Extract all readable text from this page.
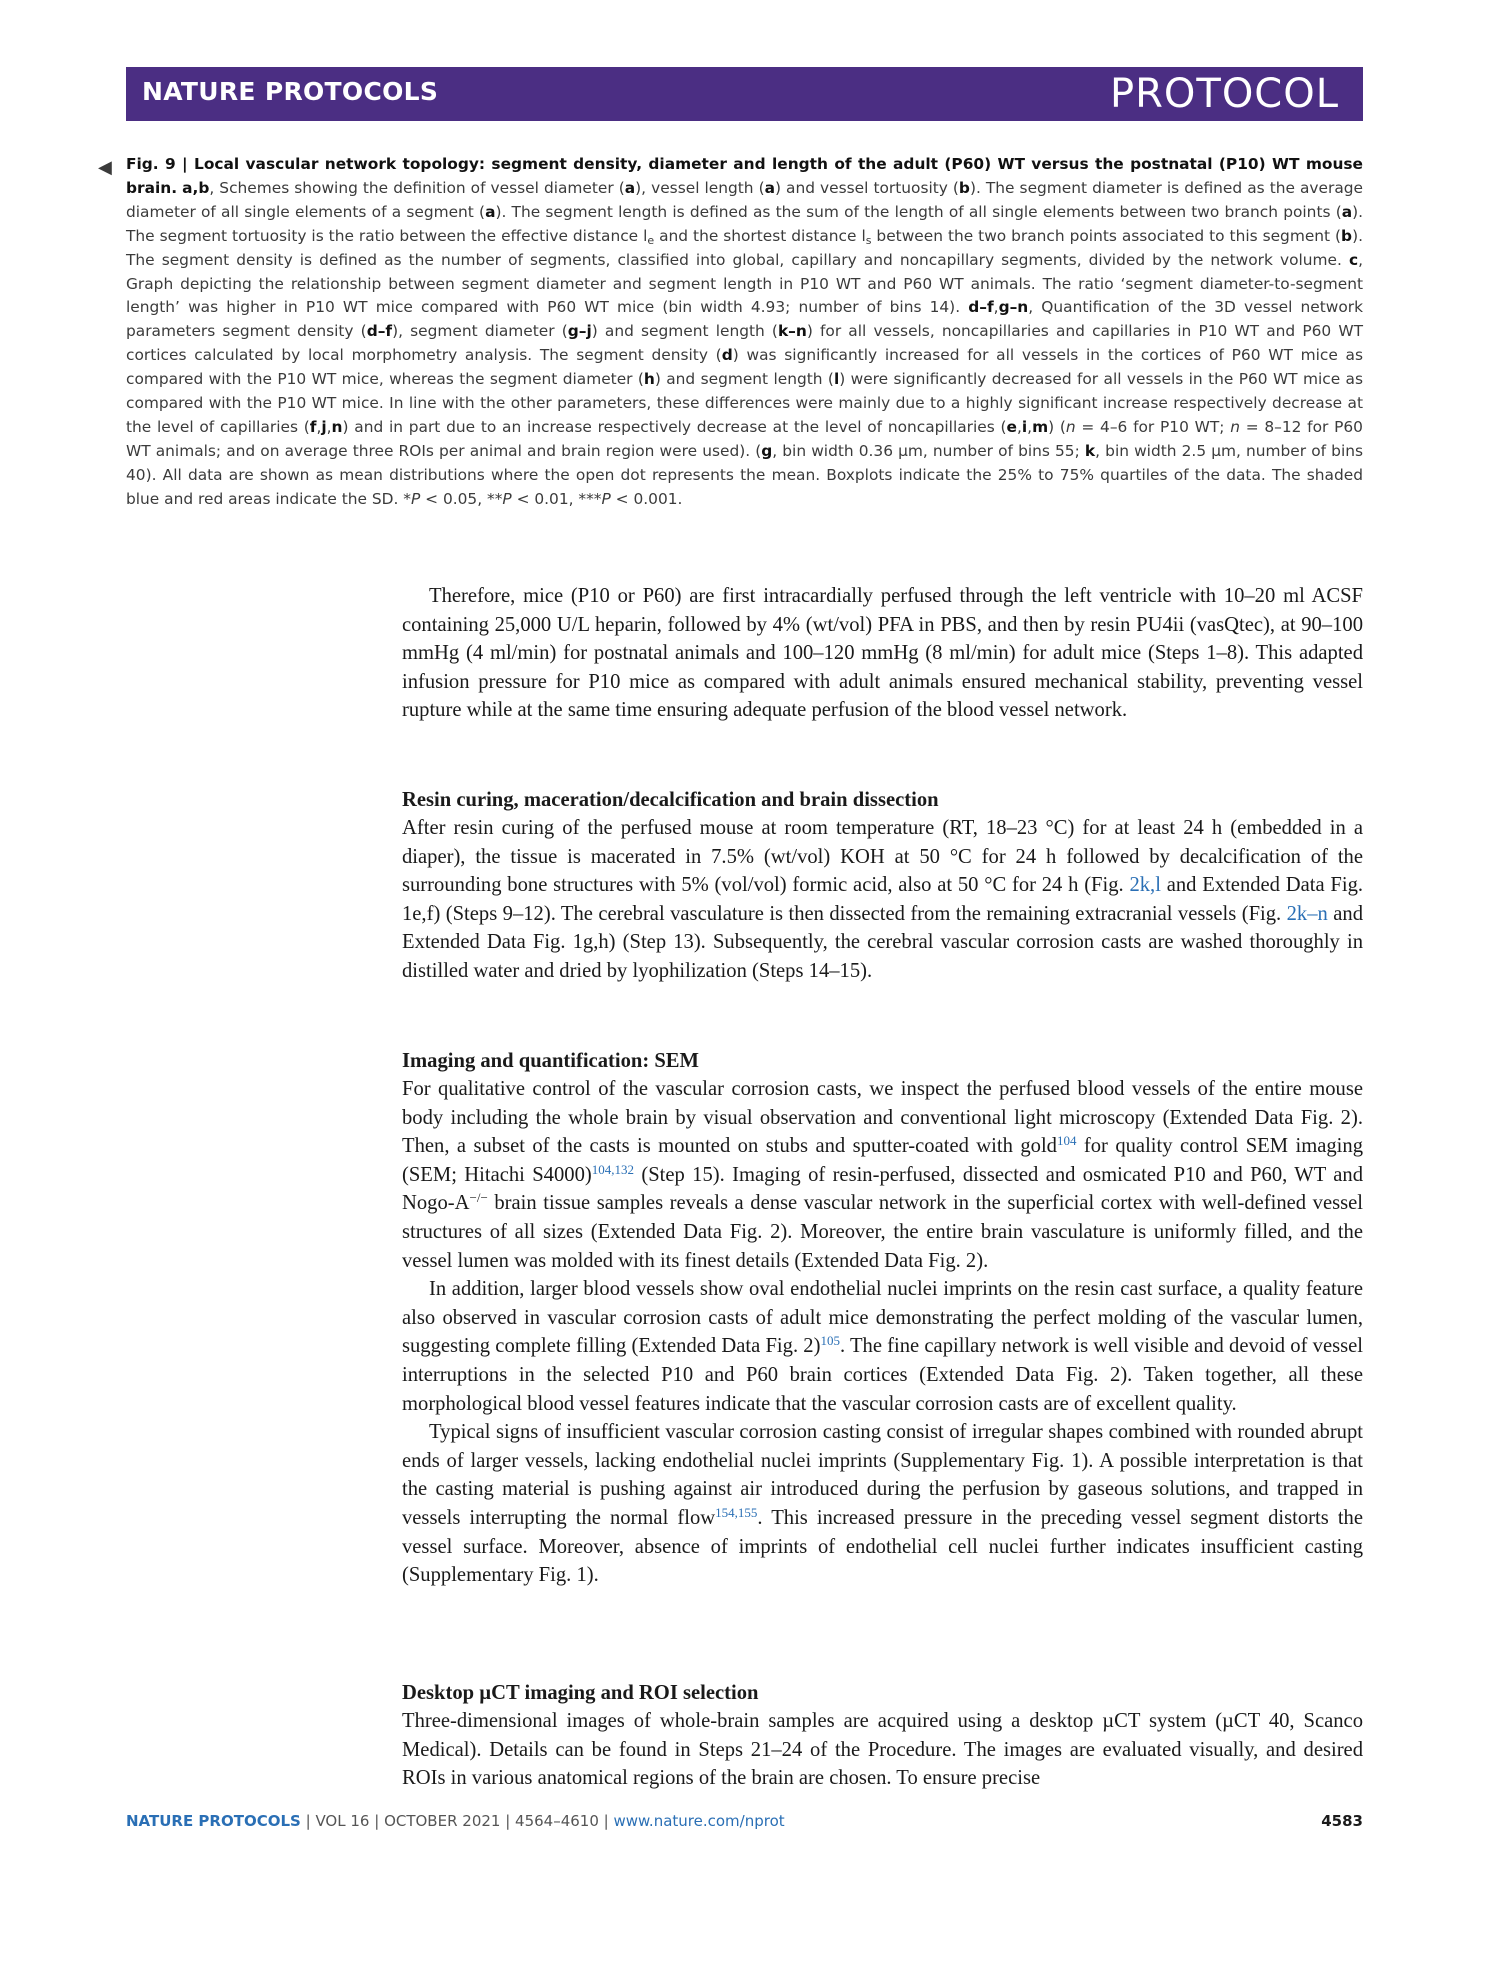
NATURE PROTOCOLS	PROTOCOL
◀ Fig. 9 | Local vascular network topology: segment density, diameter and length of the adult (P60) WT versus the postnatal (P10) WT mouse brain. a,b, Schemes showing the definition of vessel diameter (a), vessel length (a) and vessel tortuosity (b). The segment diameter is defined as the average diameter of all single elements of a segment (a). The segment length is defined as the sum of the length of all single elements between two branch points (a). The segment tortuosity is the ratio between the effective distance $l_e$ and the shortest distance $l_s$ between the two branch points associated to this segment (b). The segment density is defined as the number of segments, classified into global, capillary and noncapillary segments, divided by the network volume. c, Graph depicting the relationship between segment diameter and segment length in P10 WT and P60 WT animals. The ratio ‘segment diameter-to-segment length’ was higher in P10 WT mice compared with P60 WT mice (bin width 4.93; number of bins 14). d–f,g–n, Quantification of the 3D vessel network parameters segment density (d–f), segment diameter (g–j) and segment length (k–n) for all vessels, noncapillaries and capillaries in P10 WT and P60 WT cortices calculated by local morphometry analysis. The segment density (d) was significantly increased for all vessels in the cortices of P60 WT mice as compared with the P10 WT mice, whereas the segment diameter (h) and segment length (l) were significantly decreased for all vessels in the P60 WT mice as compared with the P10 WT mice. In line with the other parameters, these differences were mainly due to a highly significant increase respectively decrease at the level of capillaries (f,j,n) and in part due to an increase respectively decrease at the level of noncapillaries (e,i,m) (n = 4–6 for P10 WT; n = 8–12 for P60 WT animals; and on average three ROIs per animal and brain region were used). (g, bin width 0.36 µm, number of bins 55; k, bin width 2.5 µm, number of bins 40). All data are shown as mean distributions where the open dot represents the mean. Boxplots indicate the 25% to 75% quartiles of the data. The shaded blue and red areas indicate the SD. *P < 0.05, **P < 0.01, ***P < 0.001.

Therefore, mice (P10 or P60) are first intracardially perfused through the left ventricle with 10–20 ml ACSF containing 25,000 U/L heparin, followed by 4% (wt/vol) PFA in PBS, and then by resin PU4ii (vasQtec), at 90–100 mmHg (4 ml/min) for postnatal animals and 100–120 mmHg (8 ml/min) for adult mice (Steps 1–8). This adapted infusion pressure for P10 mice as compared with adult animals ensured mechanical stability, preventing vessel rupture while at the same time ensuring adequate perfusion of the blood vessel network.

Resin curing, maceration/decalcification and brain dissection

After resin curing of the perfused mouse at room temperature (RT, 18–23 °C) for at least 24 h (embedded in a diaper), the tissue is macerated in 7.5% (wt/vol) KOH at 50 °C for 24 h followed by decalcification of the surrounding bone structures with 5% (vol/vol) formic acid, also at 50 °C for 24 h (Fig. 2k,l and Extended Data Fig. 1e,f) (Steps 9–12). The cerebral vasculature is then dissected from the remaining extracranial vessels (Fig. 2k–n and Extended Data Fig. 1g,h) (Step 13). Subsequently, the cerebral vascular corrosion casts are washed thoroughly in distilled water and dried by lyophilization (Steps 14–15).

Imaging and quantification: SEM

For qualitative control of the vascular corrosion casts, we inspect the perfused blood vessels of the entire mouse body including the whole brain by visual observation and conventional light microscopy (Extended Data Fig. 2). Then, a subset of the casts is mounted on stubs and sputter-coated with gold$^{104}$ for quality control SEM imaging (SEM; Hitachi S4000)$^{104,132}$ (Step 15). Imaging of resin-perfused, dissected and osmicated P10 and P60, WT and Nogo-A−/− brain tissue samples reveals a dense vascular network in the superficial cortex with well-defined vessel structures of all sizes (Extended Data Fig. 2). Moreover, the entire brain vasculature is uniformly filled, and the vessel lumen was molded with its finest details (Extended Data Fig. 2).

In addition, larger blood vessels show oval endothelial nuclei imprints on the resin cast surface, a quality feature also observed in vascular corrosion casts of adult mice demonstrating the perfect molding of the vascular lumen, suggesting complete filling (Extended Data Fig. 2)$^{105}$. The fine capillary network is well visible and devoid of vessel interruptions in the selected P10 and P60 brain cortices (Extended Data Fig. 2). Taken together, all these morphological blood vessel features indicate that the vascular corrosion casts are of excellent quality.

Typical signs of insufficient vascular corrosion casting consist of irregular shapes combined with rounded abrupt ends of larger vessels, lacking endothelial nuclei imprints (Supplementary Fig. 1). A possible interpretation is that the casting material is pushing against air introduced during the perfusion by gaseous solutions, and trapped in vessels interrupting the normal flow$^{154,155}$. This increased pressure in the preceding vessel segment distorts the vessel surface. Moreover, absence of imprints of endothelial cell nuclei further indicates insufficient casting (Supplementary Fig. 1).

Desktop µCT imaging and ROI selection

Three-dimensional images of whole-brain samples are acquired using a desktop µCT system (µCT 40, Scanco Medical). Details can be found in Steps 21–24 of the Procedure. The images are evaluated visually, and desired ROIs in various anatomical regions of the brain are chosen. To ensure precise

NATURE PROTOCOLS | VOL 16 | OCTOBER 2021 | 4564–4610 | www.nature.com/nprot	4583
